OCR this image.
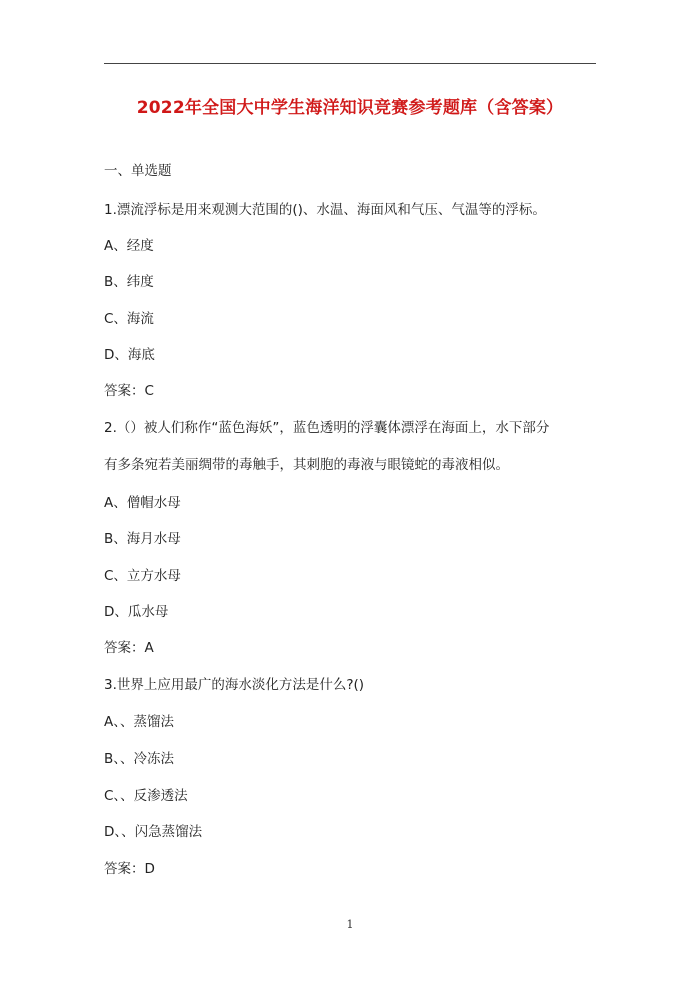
2022年全国大中学生海洋知识竞赛参考题库（含答案）
一、单选题
1.漂流浮标是用来观测大范围的()、水温、海面风和气压、气温等的浮标。
A、经度
B、纬度
C、海流
D、海底
答案：C
2.（）被人们称作“蓝色海妖”，蓝色透明的浮囊体漂浮在海面上，水下部分
有多条宛若美丽绸带的毒触手，其刺胞的毒液与眼镜蛇的毒液相似。
A、僧帽水母
B、海月水母
C、立方水母
D、瓜水母
答案：A
3.世界上应用最广的海水淡化方法是什么?()
A、、蒸馏法
B、、冷冻法
C、、反渗透法
D、、闪急蒸馏法
答案：D
1
